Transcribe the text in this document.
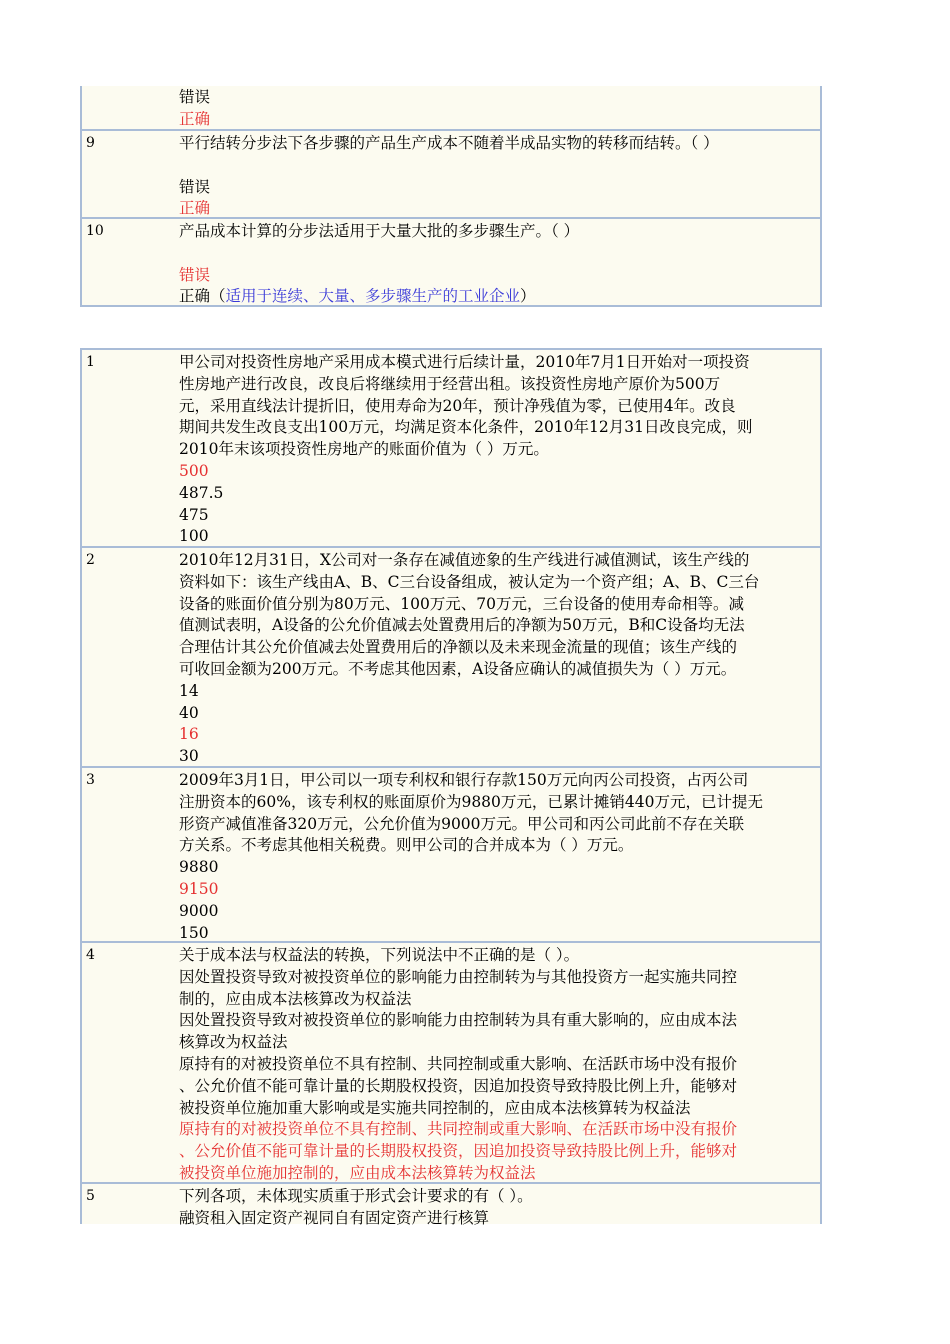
错误
正确
9	平行结转分步法下各步骤的产品生产成本不随着半成品实物的转移而结转。（ ）
错误
正确
10	产品成本计算的分步法适用于大量大批的多步骤生产。（ ）
错误
正确（适用于连续、大量、多步骤生产的工业企业）
1	甲公司对投资性房地产采用成本模式进行后续计量，2010年7月1日开始对一项投资
性房地产进行改良，改良后将继续用于经营出租。该投资性房地产原价为500万
元，采用直线法计提折旧，使用寿命为20年，预计净残值为零，已使用4年。改良
期间共发生改良支出100万元，均满足资本化条件，2010年12月31日改良完成，则
2010年末该项投资性房地产的账面价值为（ ）万元。
500
487.5
475
100
2	2010年12月31日，X公司对一条存在减值迹象的生产线进行减值测试，该生产线的
资料如下：该生产线由A、B、C三台设备组成，被认定为一个资产组；A、B、C三台
设备的账面价值分别为80万元、100万元、70万元，三台设备的使用寿命相等。减
值测试表明，A设备的公允价值减去处置费用后的净额为50万元，B和C设备均无法
合理估计其公允价值减去处置费用后的净额以及未来现金流量的现值；该生产线的
可收回金额为200万元。不考虑其他因素，A设备应确认的减值损失为（ ）万元。
14
40
16
30
3	2009年3月1日，甲公司以一项专利权和银行存款150万元向丙公司投资，占丙公司
注册资本的60%，该专利权的账面原价为9880万元，已累计摊销440万元，已计提无
形资产减值准备320万元，公允价值为9000万元。甲公司和丙公司此前不存在关联
方关系。不考虑其他相关税费。则甲公司的合并成本为（ ）万元。
9880
9150
9000
150
4	关于成本法与权益法的转换，下列说法中不正确的是（ ）。
因处置投资导致对被投资单位的影响能力由控制转为与其他投资方一起实施共同控
制的，应由成本法核算改为权益法
因处置投资导致对被投资单位的影响能力由控制转为具有重大影响的，应由成本法
核算改为权益法
原持有的对被投资单位不具有控制、共同控制或重大影响、在活跃市场中没有报价
、公允价值不能可靠计量的长期股权投资，因追加投资导致持股比例上升，能够对
被投资单位施加重大影响或是实施共同控制的，应由成本法核算转为权益法
原持有的对被投资单位不具有控制、共同控制或重大影响、在活跃市场中没有报价
、公允价值不能可靠计量的长期股权投资，因追加投资导致持股比例上升，能够对
被投资单位施加控制的，应由成本法核算转为权益法
5	下列各项，未体现实质重于形式会计要求的有（ ）。
融资租入固定资产视同自有固定资产进行核算
